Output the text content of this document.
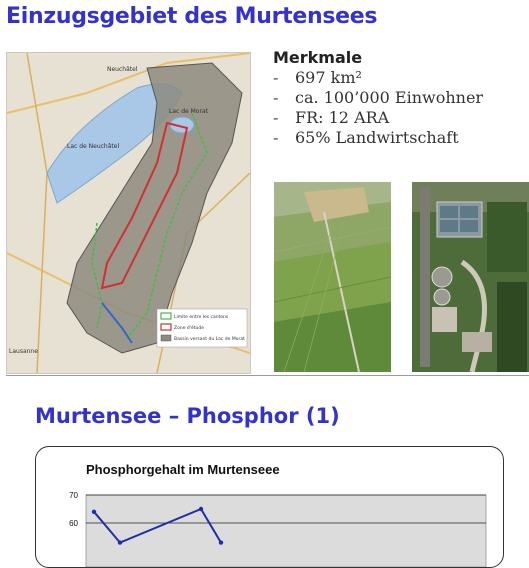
Einzugsgebiet des Murtensees
Neuchâtel
Lac de Neuchâtel
Lac de Morat
Lausanne
Limite entre les cantons
Zone d'étude
Bassin versant du Lac de Morat
Merkmale
- 697 km²
- ca. 100’000 Einwohner
- FR: 12 ARA
- 65% Landwirtschaft
Murtensee – Phosphor (1)
Phosphorgehalt im Murtenseee
70
60
